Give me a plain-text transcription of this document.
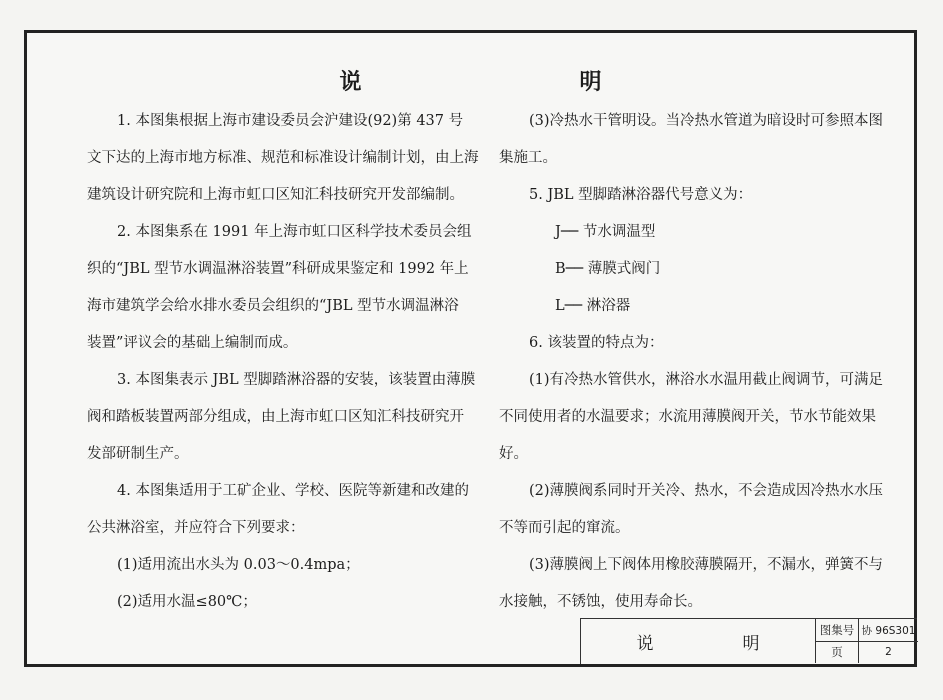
说　　明
1. 本图集根据上海市建设委员会沪建设(92)第 437 号
文下达的上海市地方标准、规范和标准设计编制计划，由上海
建筑设计研究院和上海市虹口区知汇科技研究开发部编制。
2. 本图集系在 1991 年上海市虹口区科学技术委员会组
织的“JBL 型节水调温淋浴装置”科研成果鉴定和 1992 年上
海市建筑学会给水排水委员会组织的“JBL 型节水调温淋浴
装置”评议会的基础上编制而成。
3. 本图集表示 JBL 型脚踏淋浴器的安装，该装置由薄膜
阀和踏板装置两部分组成，由上海市虹口区知汇科技研究开
发部研制生产。
4. 本图集适用于工矿企业、学校、医院等新建和改建的
公共淋浴室，并应符合下列要求：
(1)适用流出水头为 0.03～0.4mpa；
(2)适用水温≤80℃；
(3)冷热水干管明设。当冷热水管道为暗设时可参照本图
集施工。
5. JBL 型脚踏淋浴器代号意义为：
J── 节水调温型
B── 薄膜式阀门
L── 淋浴器
6. 该装置的特点为：
(1)有冷热水管供水，淋浴水水温用截止阀调节，可满足
不同使用者的水温要求；水流用薄膜阀开关，节水节能效果
好。
(2)薄膜阀系同时开关冷、热水，不会造成因冷热水水压
不等而引起的窜流。
(3)薄膜阀上下阀体用橡胶薄膜隔开，不漏水，弹簧不与
水接触，不锈蚀，使用寿命长。
说　明
图集号 协 96S301
页	2
